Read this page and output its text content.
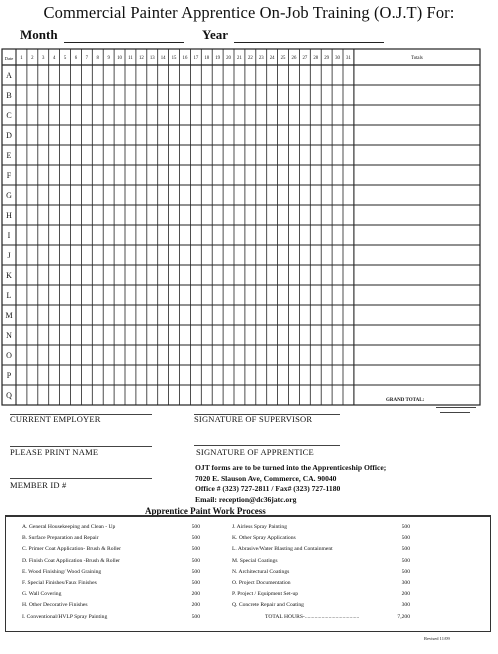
Commercial Painter Apprentice On-Job Training (O.J.T) For:
Month	Year
Date 1 2 3 4 5 6 7 8 9 10 11 12 13 14 15 16 17 18 19 20 21 22 23 24 25 26 27 28 29 30 31	Totals
A
B
C
D
E
F
G
H
I
J
K
L
M
N
O
P
Q
GRAND TOTAL:
CURRENT EMPLOYER	SIGNATURE OF SUPERVISOR
PLEASE PRINT NAME	SIGNATURE OF APPRENTICE
MEMBER ID #
OJT forms are to be turned into the Apprenticeship Office;
7020 E. Slauson Ave, Commerce, CA. 90040
Office # (323) 727-2811 / Fax# (323) 727-1180
Email: reception@dc36jatc.org
Apprentice Paint Work Process
A. General Housekeeping and Clean - Up	500
B. Surface Preparation and Repair	500
C. Primer Coat Application- Brush & Roller	500
D. Finish Coat Application -Brush & Roller	500
E. Wood Finishing/ Wood Graining	500
F. Special Finishes/Faux Finishes	500
G. Wall Covering	200
H. Other Decorative Finishes	200
I. Conventional/HVLP Spray Painting	500
J. Airless Spray Painting	500
K. Other Spray Applications	500
L. Abrasive/Water Blasting and Containment	500
M. Special Coatings	500
N. Architectural Coatings	500
O. Project Documentation	300
P. Project / Equipment Set-up	200
Q. Concrete Repair and Coating	300
TOTAL HOURS-.......................................	7,200
Revised 11/09
